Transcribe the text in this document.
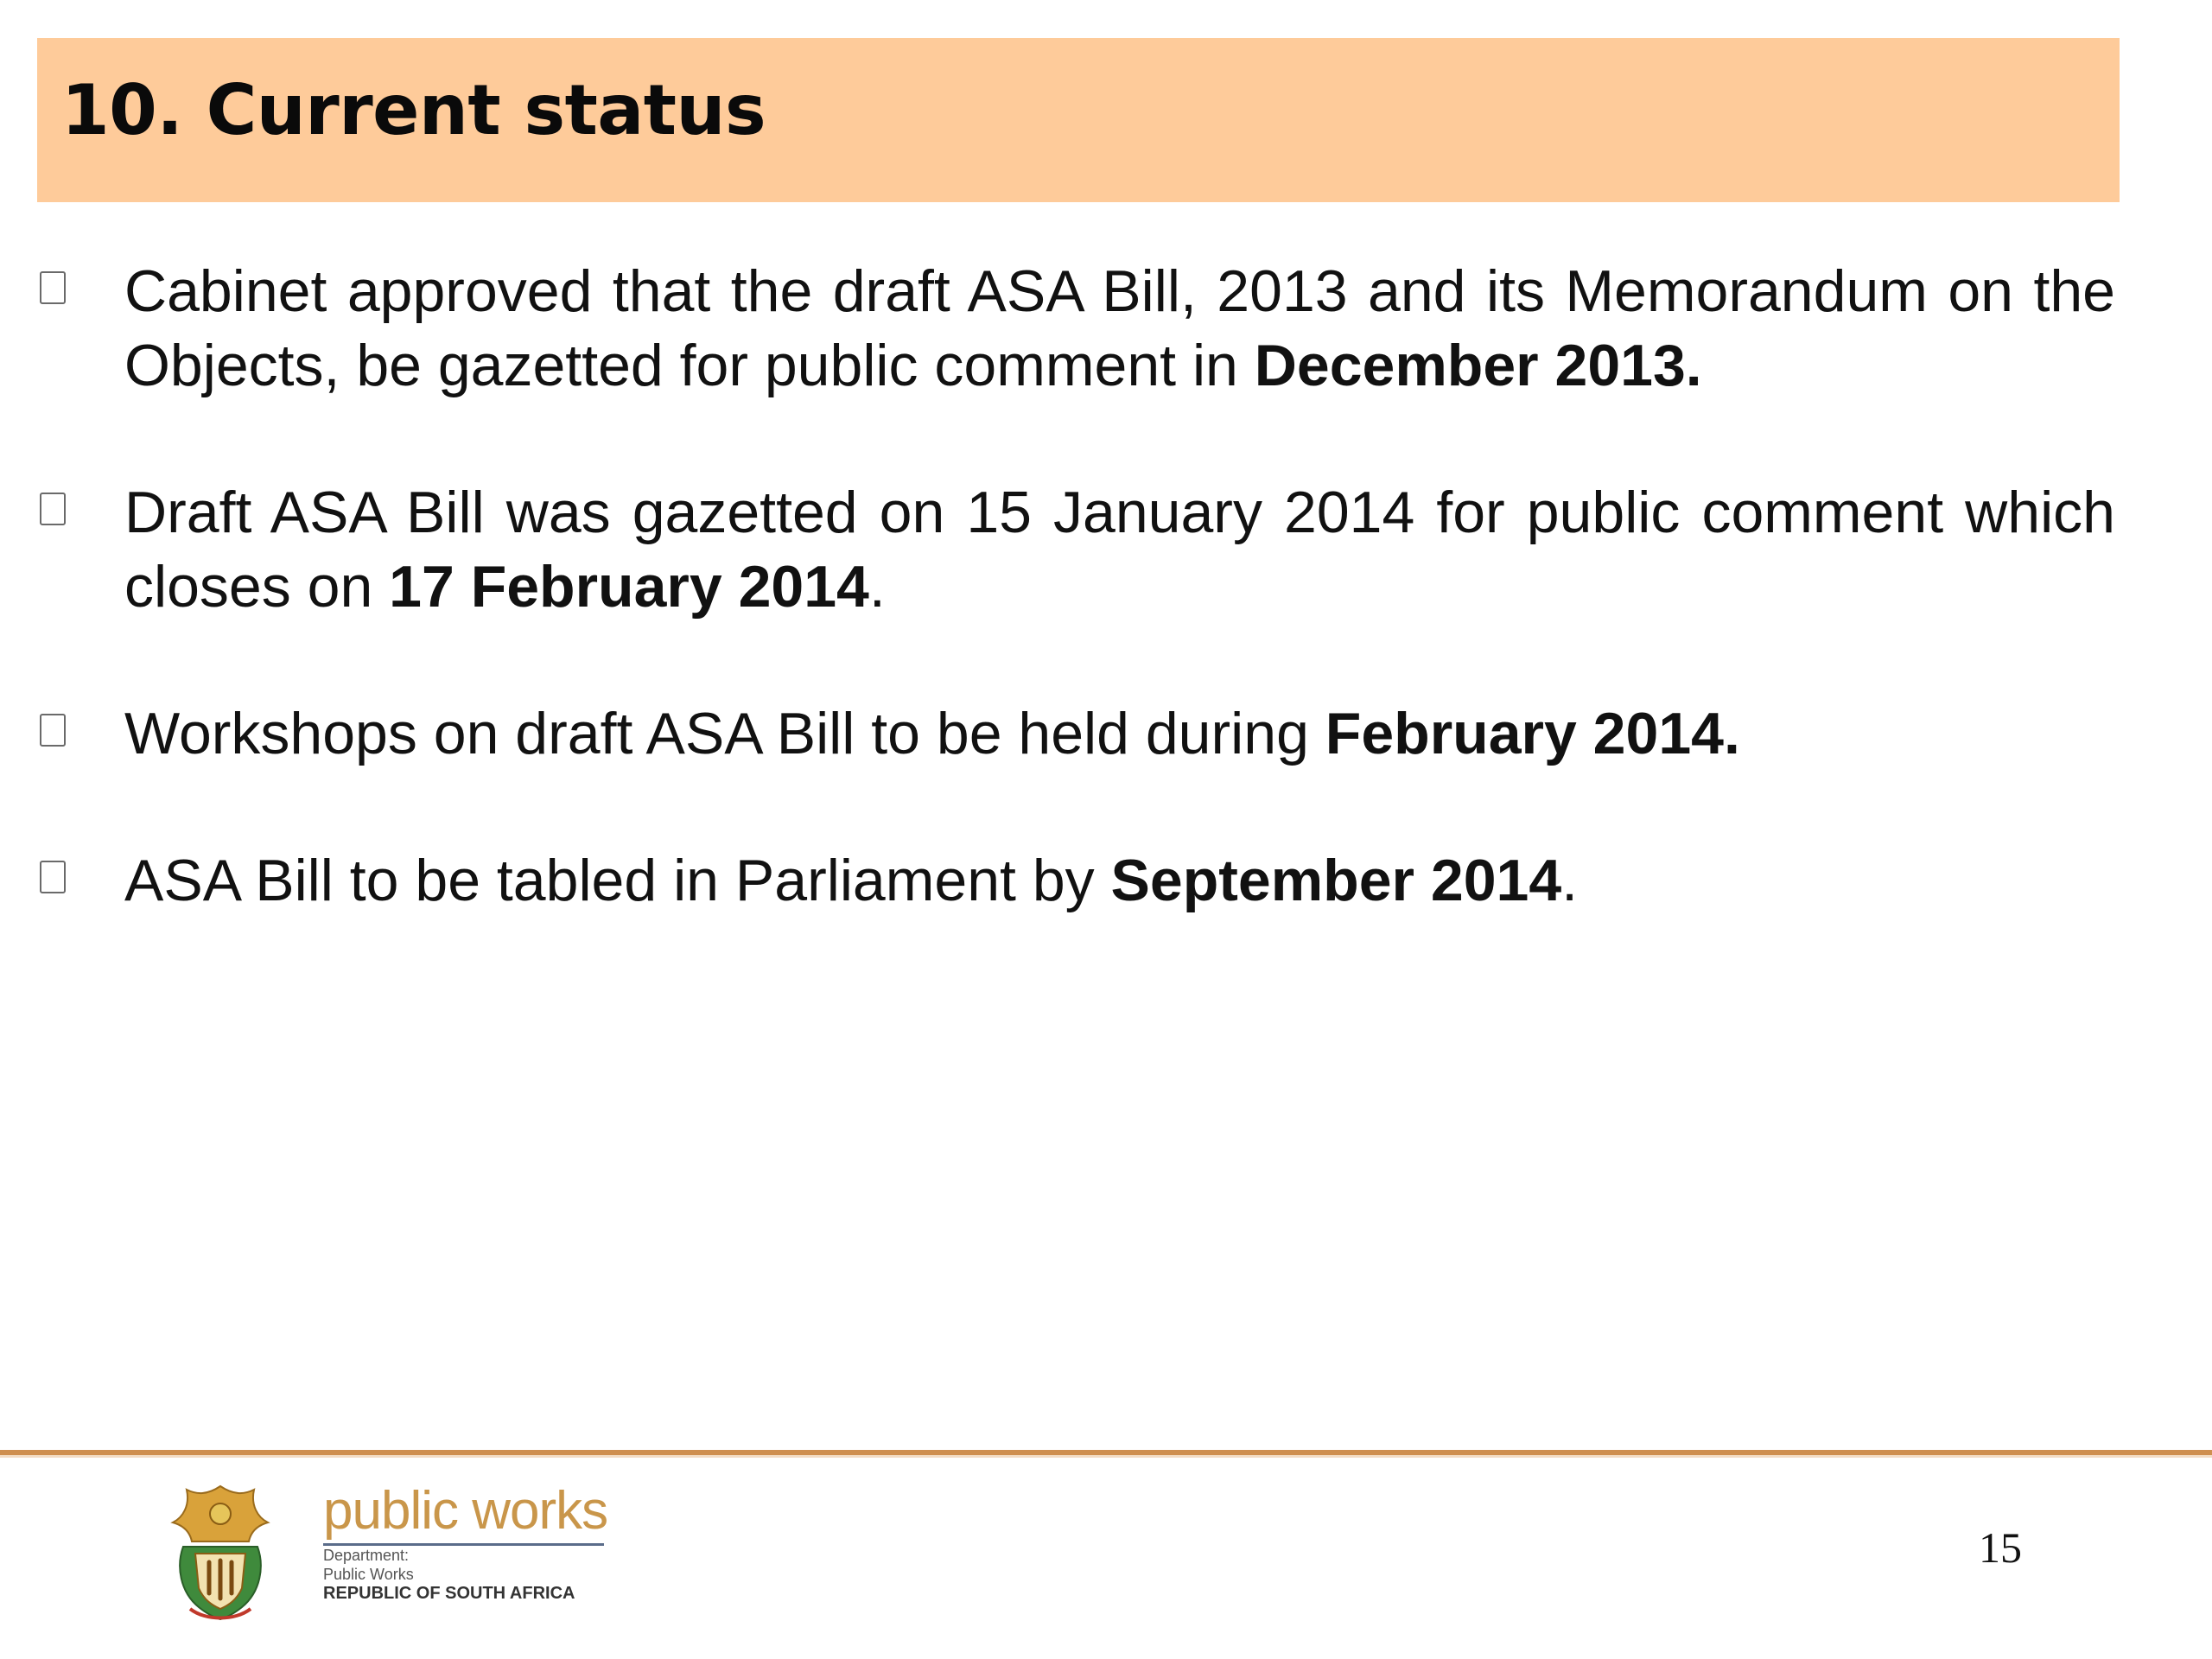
10. Current status
Cabinet approved that the draft ASA Bill, 2013 and its Memorandum on the Objects, be gazetted for public comment in December 2013.
Draft ASA Bill was gazetted on 15 January 2014 for public comment which closes on 17 February 2014.
Workshops on draft ASA Bill to be held during February 2014.
ASA Bill to be tabled in Parliament by September 2014.
public works
Department:
Public Works
REPUBLIC OF SOUTH AFRICA
15
